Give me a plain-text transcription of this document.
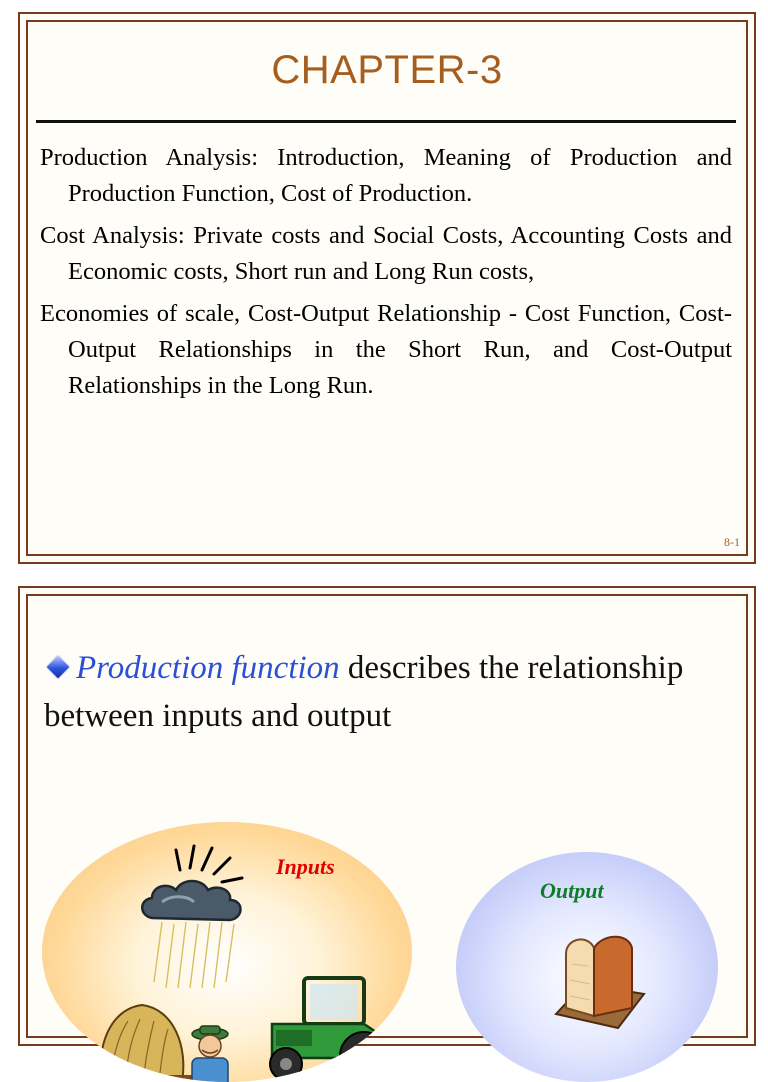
CHAPTER-3

Production Analysis: Introduction, Meaning of Production and Production Function, Cost of Production.

Cost Analysis: Private costs and Social Costs, Accounting Costs and Economic costs, Short run and Long Run costs,

Economies of scale, Cost-Output Relationship - Cost Function, Cost-Output Relationships in the Short Run, and Cost-Output Relationships in the Long Run.

8-1
Production function describes the relationship between inputs and output
Inputs
Output
